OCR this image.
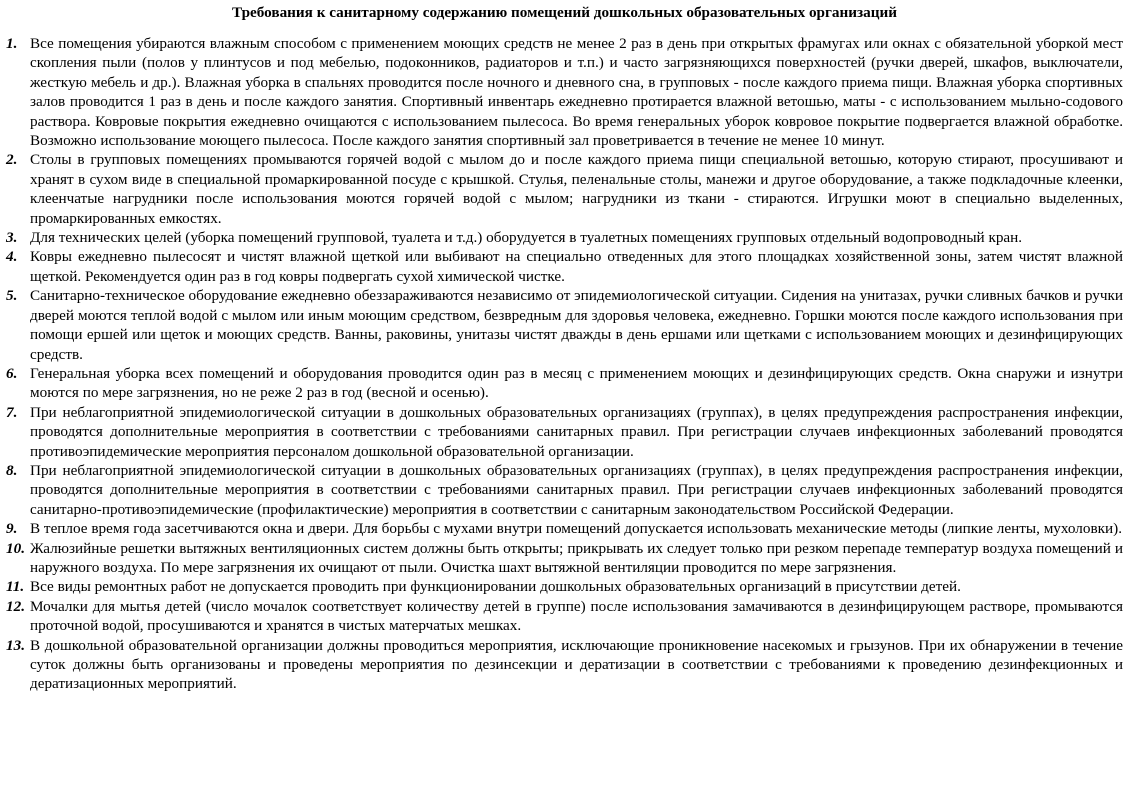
Требования к санитарному содержанию помещений дошкольных образовательных организаций
1. Все помещения убираются влажным способом с применением моющих средств не менее 2 раз в день при открытых фрамугах или окнах с обязательной уборкой мест скопления пыли (полов у плинтусов и под мебелью, подоконников, радиаторов и т.п.) и часто загрязняющихся поверхностей (ручки дверей, шкафов, выключатели, жесткую мебель и др.). Влажная уборка в спальнях проводится после ночного и дневного сна, в групповых - после каждого приема пищи. Влажная уборка спортивных залов проводится 1 раз в день и после каждого занятия. Спортивный инвентарь ежедневно протирается влажной ветошью, маты - с использованием мыльно-содового раствора. Ковровые покрытия ежедневно очищаются с использованием пылесоса. Во время генеральных уборок ковровое покрытие подвергается влажной обработке. Возможно использование моющего пылесоса. После каждого занятия спортивный зал проветривается в течение не менее 10 минут.
2. Столы в групповых помещениях промываются горячей водой с мылом до и после каждого приема пищи специальной ветошью, которую стирают, просушивают и хранят в сухом виде в специальной промаркированной посуде с крышкой. Стулья, пеленальные столы, манежи и другое оборудование, а также подкладочные клеенки, клеенчатые нагрудники после использования моются горячей водой с мылом; нагрудники из ткани - стираются. Игрушки моют в специально выделенных, промаркированных емкостях.
3. Для технических целей (уборка помещений групповой, туалета и т.д.) оборудуется в туалетных помещениях групповых отдельный водопроводный кран.
4. Ковры ежедневно пылесосят и чистят влажной щеткой или выбивают на специально отведенных для этого площадках хозяйственной зоны, затем чистят влажной щеткой. Рекомендуется один раз в год ковры подвергать сухой химической чистке.
5. Санитарно-техническое оборудование ежедневно обеззараживаются независимо от эпидемиологической ситуации. Сидения на унитазах, ручки сливных бачков и ручки дверей моются теплой водой с мылом или иным моющим средством, безвредным для здоровья человека, ежедневно. Горшки моются после каждого использования при помощи ершей или щеток и моющих средств. Ванны, раковины, унитазы чистят дважды в день ершами или щетками с использованием моющих и дезинфицирующих средств.
6. Генеральная уборка всех помещений и оборудования проводится один раз в месяц с применением моющих и дезинфицирующих средств. Окна снаружи и изнутри моются по мере загрязнения, но не реже 2 раз в год (весной и осенью).
7. При неблагоприятной эпидемиологической ситуации в дошкольных образовательных организациях (группах), в целях предупреждения распространения инфекции, проводятся дополнительные мероприятия в соответствии с требованиями санитарных правил. При регистрации случаев инфекционных заболеваний проводятся противоэпидемические мероприятия персоналом дошкольной образовательной организации.
8. При неблагоприятной эпидемиологической ситуации в дошкольных образовательных организациях (группах), в целях предупреждения распространения инфекции, проводятся дополнительные мероприятия в соответствии с требованиями санитарных правил. При регистрации случаев инфекционных заболеваний проводятся санитарно-противоэпидемические (профилактические) мероприятия в соответствии с санитарным законодательством Российской Федерации.
9. В теплое время года засетчиваются окна и двери. Для борьбы с мухами внутри помещений допускается использовать механические методы (липкие ленты, мухоловки).
10. Жалюзийные решетки вытяжных вентиляционных систем должны быть открыты; прикрывать их следует только при резком перепаде температур воздуха помещений и наружного воздуха. По мере загрязнения их очищают от пыли. Очистка шахт вытяжной вентиляции проводится по мере загрязнения.
11. Все виды ремонтных работ не допускается проводить при функционировании дошкольных образовательных организаций в присутствии детей.
12. Мочалки для мытья детей (число мочалок соответствует количеству детей в группе) после использования замачиваются в дезинфицирующем растворе, промываются проточной водой, просушиваются и хранятся в чистых матерчатых мешках.
13. В дошкольной образовательной организации должны проводиться мероприятия, исключающие проникновение насекомых и грызунов. При их обнаружении в течение суток должны быть организованы и проведены мероприятия по дезинсекции и дератизации в соответствии с требованиями к проведению дезинфекционных и дератизационных мероприятий.
